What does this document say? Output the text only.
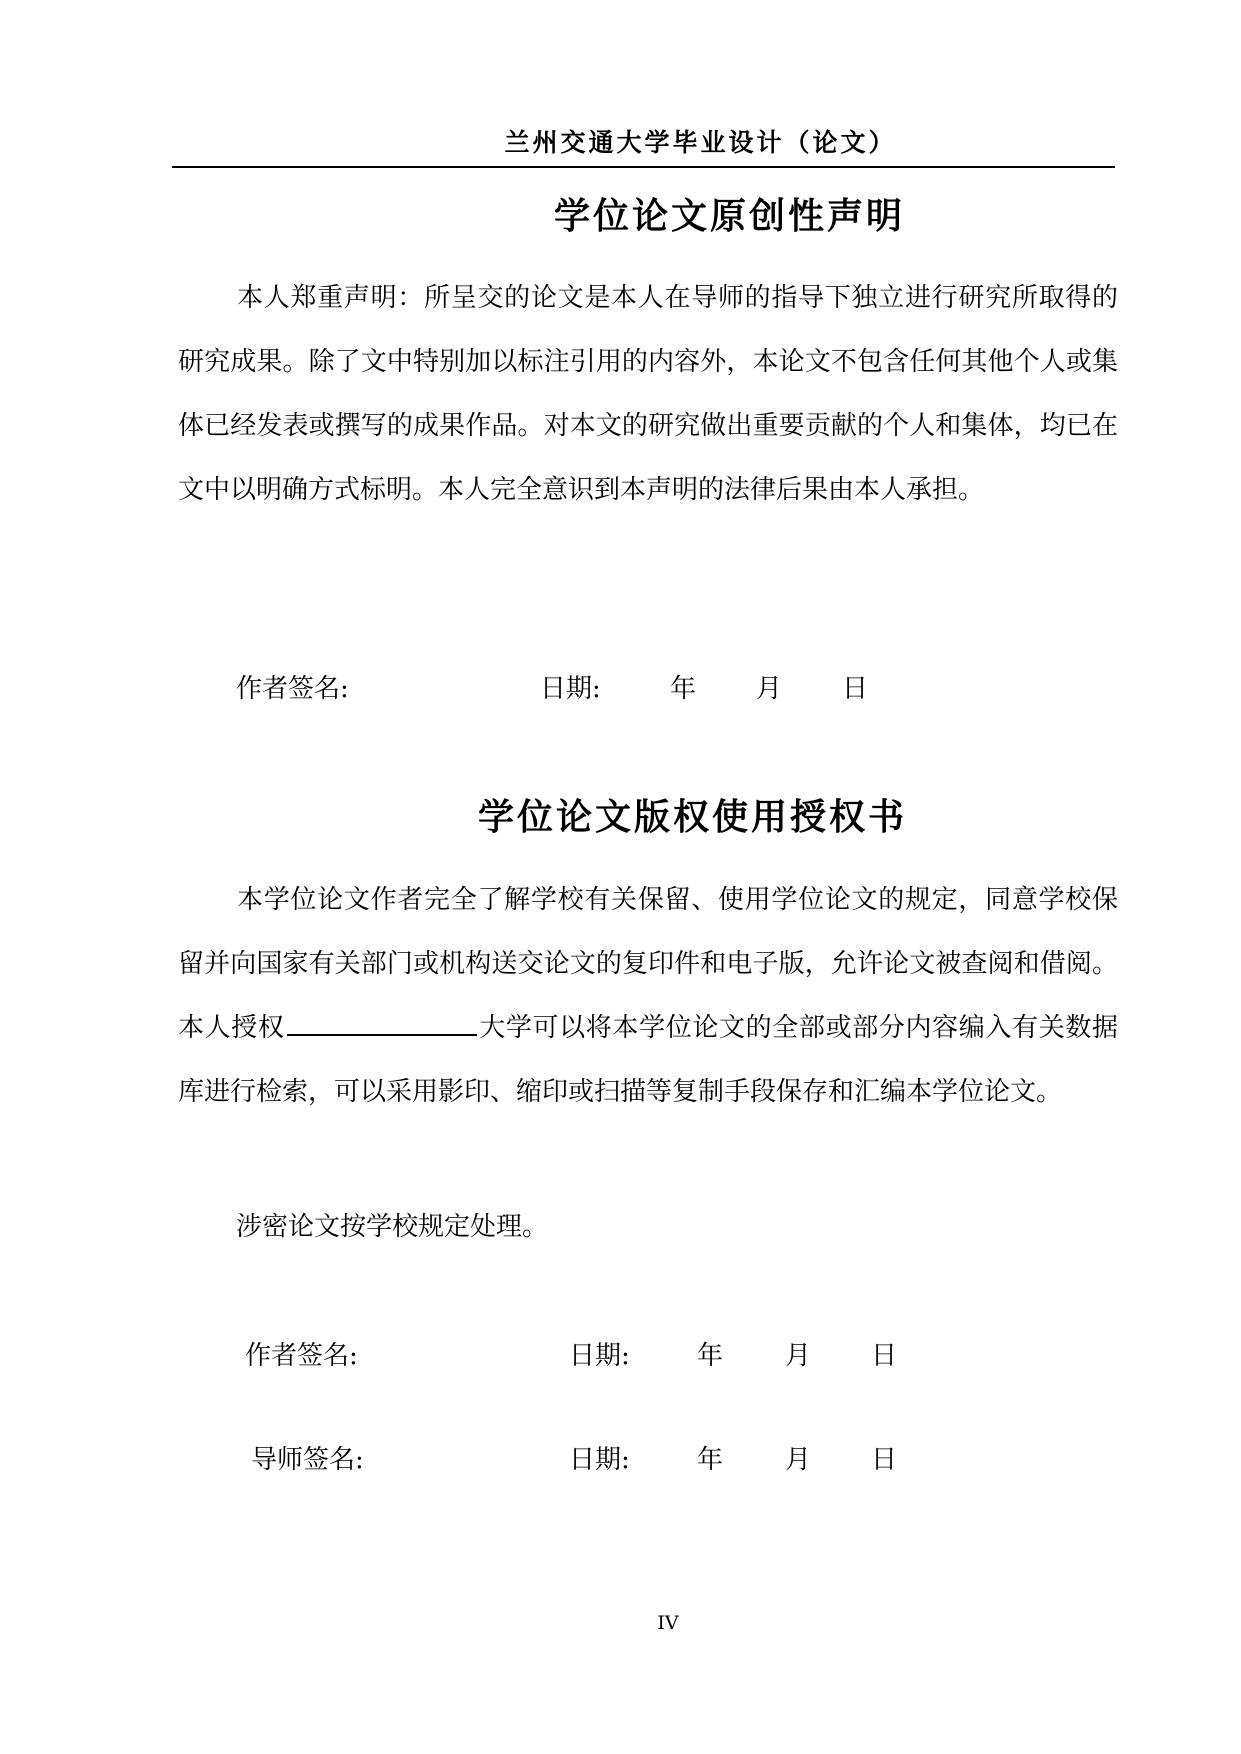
兰州交通大学毕业设计（论文）
学位论文原创性声明
本人郑重声明：所呈交的论文是本人在导师的指导下独立进行研究所取得的研究成果。除了文中特别加以标注引用的内容外，本论文不包含任何其他个人或集体已经发表或撰写的成果作品。对本文的研究做出重要贡献的个人和集体，均已在文中以明确方式标明。本人完全意识到本声明的法律后果由本人承担。
作者签名:	日期:	年 月 日
学位论文版权使用授权书
本学位论文作者完全了解学校有关保留、使用学位论文的规定，同意学校保留并向国家有关部门或机构送交论文的复印件和电子版，允许论文被查阅和借阅。本人授权	大学可以将本学位论文的全部或部分内容编入有关数据库进行检索，可以采用影印、缩印或扫描等复制手段保存和汇编本学位论文。
涉密论文按学校规定处理。
作者签名:	日期:	年 月 日
导师签名:	日期:	年 月 日
IV
